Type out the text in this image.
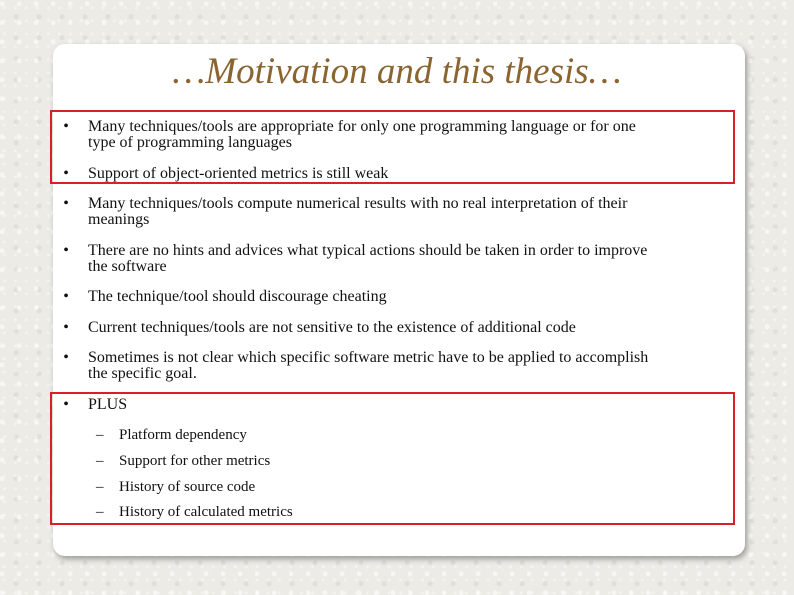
…Motivation and this thesis…
• Many techniques/tools are appropriate for only one programming language or for one
type of programming languages
• Support of object-oriented metrics is still weak
• Many techniques/tools compute numerical results with no real interpretation of their
meanings
• There are no hints and advices what typical actions should be taken in order to improve
the software
• The technique/tool should discourage cheating
• Current techniques/tools are not sensitive to the existence of additional code
• Sometimes is not clear which specific software metric have to be applied to accomplish
the specific goal.
• PLUS
– Platform dependency
– Support for other metrics
– History of source code
– History of calculated metrics
